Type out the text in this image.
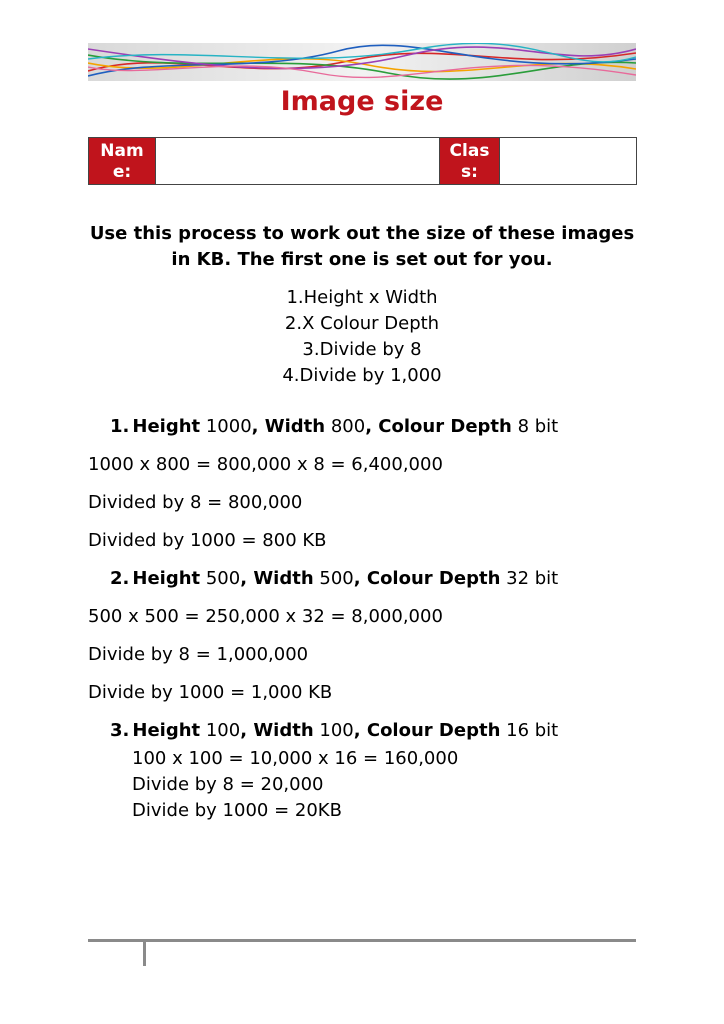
Image size
Name:		Class:	
Use this process to work out the size of these images in KB. The first one is set out for you.
1.Height x Width
2.X Colour Depth
3.Divide by 8
4.Divide by 1,000
1. Height 1000, Width 800, Colour Depth 8 bit
1000 x 800 = 800,000 x 8 = 6,400,000
Divided by 8 = 800,000
Divided by 1000 = 800 KB
2. Height 500, Width 500, Colour Depth 32 bit
500 x 500 = 250,000 x 32 = 8,000,000
Divide by 8 = 1,000,000
Divide by 1000 = 1,000 KB
3. Height 100, Width 100, Colour Depth 16 bit
100 x 100 = 10,000 x 16 = 160,000
Divide by 8 = 20,000
Divide by 1000 = 20KB
